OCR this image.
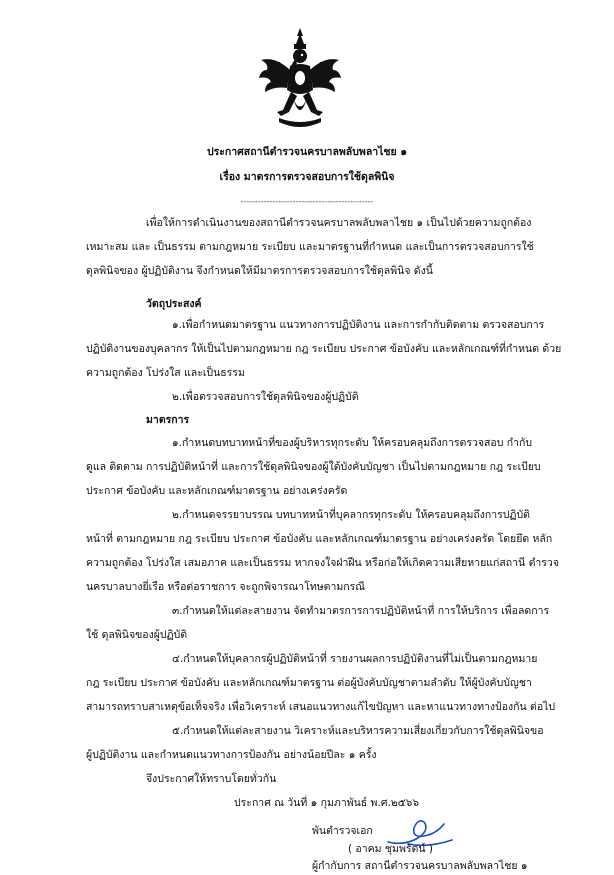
ประกาศสถานีตำรวจนครบาลพลับพลาไชย ๑
เรื่อง มาตรการตรวจสอบการใช้ดุลพินิจ
----------------------------------------------
เพื่อให้การดำเนินงานของสถานีตำรวจนครบาลพลับพลาไชย ๑ เป็นไปด้วยความถูกต้อง
เหมาะสม และ เป็นธรรม ตามกฎหมาย ระเบียบ และมาตรฐานที่กำหนด และเป็นการตรวจสอบการใช้
ดุลพินิจของ ผู้ปฏิบัติงาน จึงกำหนดให้มีมาตรการตรวจสอบการใช้ดุลพินิจ ดังนี้
วัตถุประสงค์
๑.เพื่อกำหนดมาตรฐาน แนวทางการปฏิบัติงาน และการกำกับติดตาม ตรวจสอบการ
ปฏิบัติงานของบุคลากร ให้เป็นไปตามกฎหมาย กฎ ระเบียบ ประกาศ ข้อบังคับ และหลักเกณฑ์ที่กำหนด ด้วย
ความถูกต้อง โปร่งใส และเป็นธรรม
๒.เพื่อตรวจสอบการใช้ดุลพินิจของผู้ปฏิบัติ
มาตรการ
๑.กำหนดบทบาทหน้าที่ของผู้บริหารทุกระดับ ให้ครอบคลุมถึงการตรวจสอบ กำกับ
ดูแล ติดตาม การปฏิบัติหน้าที่ และการใช้ดุลพินิจของผู้ใต้บังคับบัญชา เป็นไปตามกฎหมาย กฎ ระเบียบ
ประกาศ ข้อบังคับ และหลักเกณฑ์มาตรฐาน อย่างเคร่งครัด
๒.กำหนดจรรยาบรรณ บทบาทหน้าที่บุคลากรทุกระดับ ให้ครอบคลุมถึงการปฏิบัติ
หน้าที่ ตามกฎหมาย กฎ ระเบียบ ประกาศ ข้อบังคับ และหลักเกณฑ์มาตรฐาน อย่างเคร่งครัด โดยยึด หลัก
ความถูกต้อง โปร่งใส เสมอภาค และเป็นธรรม หากจงใจฝ่าฝืน หรือก่อให้เกิดความเสียหายแก่สถานี ตำรวจ
นครบาลบางยี่เรือ หรือต่อราชการ จะถูกพิจารณาโทษตามกรณี
๓.กำหนดให้แต่ละสายงาน จัดทำมาตรการการปฏิบัติหน้าที่ การให้บริการ เพื่อลดการ
ใช้ ดุลพินิจของผู้ปฏิบัติ
๔.กำหนดให้บุคลากรผู้ปฏิบัติหน้าที่ รายงานผลการปฏิบัติงานที่ไม่เป็นตามกฎหมาย
กฎ ระเบียบ ประกาศ ข้อบังคับ และหลักเกณฑ์มาตรฐาน ต่อผู้บังคับบัญชาตามลำดับ ให้ผู้บังคับบัญชา
สามารถทราบสาเหตุข้อเท็จจริง เพื่อวิเคราะห์ เสนอแนวทางแก้ไขปัญหา และหาแนวทางทางป้องกัน ต่อไป
๕.กำหนดให้แต่ละสายงาน วิเคราะห์และบริหารความเสี่ยงเกี่ยวกับการใช้ดุลพินิจขอ
ผู้ปฏิบัติงาน และกำหนดแนวทางการป้องกัน อย่างน้อยปีละ ๑ ครั้ง
จึงประกาศให้ทราบโดยทั่วกัน
ประกาศ ณ วันที่ ๑ กุมภาพันธ์ พ.ศ.๒๕๖๖
พันตำรวจเอก
( อาคม ชุมพรัตน์ )
ผู้กำกับการ สถานีตำรวจนครบาลพลับพลาไชย ๑
